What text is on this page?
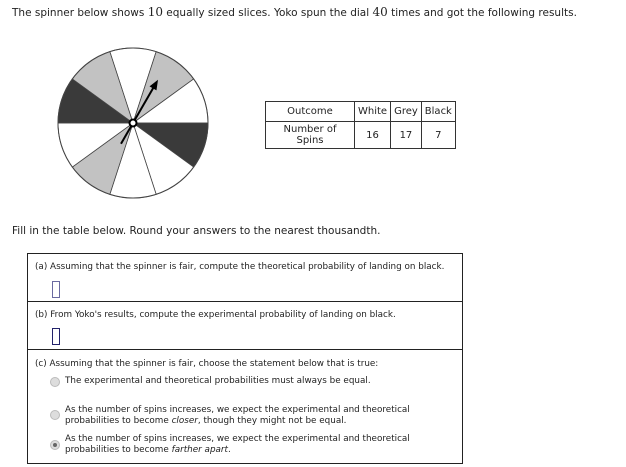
The spinner below shows 10 equally sized slices. Yoko spun the dial 40 times and got the following results.
Outcome	White	Grey	Black
Number of Spins	16	17	7
Fill in the table below. Round your answers to the nearest thousandth.
(a) Assuming that the spinner is fair, compute the theoretical probability of landing on black.
(b) From Yoko's results, compute the experimental probability of landing on black.
(c) Assuming that the spinner is fair, choose the statement below that is true:
The experimental and theoretical probabilities must always be equal.
As the number of spins increases, we expect the experimental and theoretical
probabilities to become closer, though they might not be equal.
As the number of spins increases, we expect the experimental and theoretical
probabilities to become farther apart.
